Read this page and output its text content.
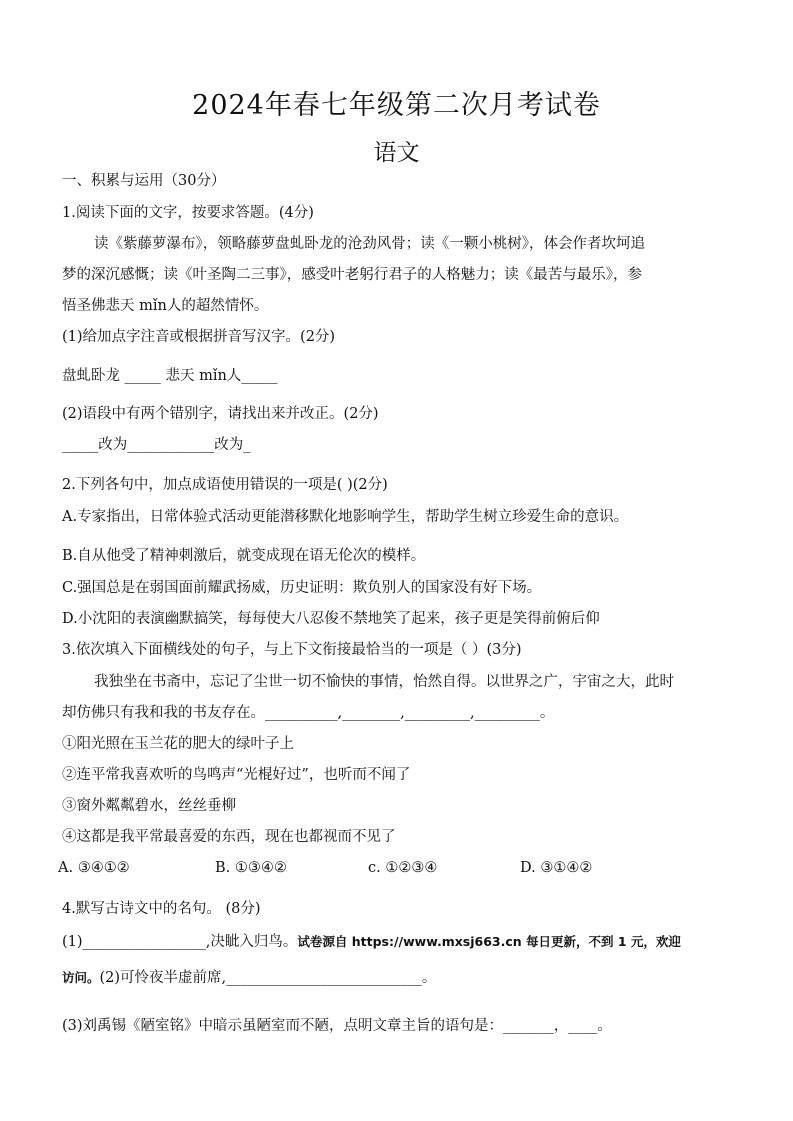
2024年春七年级第二次月考试卷
语文
一、积累与运用（30分）
1.阅读下面的文字，按要求答题。(4分)
读《紫藤萝瀑布》，领略藤萝盘虬卧龙的沧劲风骨；读《一颗小桃树》，体会作者坎坷追
梦的深沉感慨；读《叶圣陶二三事》，感受叶老躬行君子的人格魅力；读《最苦与最乐》，参
悟圣佛悲天 mǐn人的超然情怀。
(1)给加点字注音或根据拼音写汉字。(2分)
盘虬卧龙 _____ 悲天 mǐn人_____
(2)语段中有两个错别字，请找出来并改正。(2分)
_____改为____________改为_
2.下列各句中，加点成语使用错误的一项是( )(2分)
A.专家指出，日常体验式活动更能潜移默化地影响学生，帮助学生树立珍爱生命的意识。
B.自从他受了精神刺激后，就变成现在语无伦次的模样。
C.强国总是在弱国面前耀武扬威，历史证明：欺负别人的国家没有好下场。
D.小沈阳的表演幽默搞笑，每每使大八忍俊不禁地笑了起来，孩子更是笑得前俯后仰
3.依次填入下面横线处的句子，与上下文衔接最恰当的一项是（ ）(3分)
我独坐在书斋中，忘记了尘世一切不愉快的事情，怡然自得。以世界之广，宇宙之大，此时
却仿佛只有我和我的书友存在。__________,________,_________,_________。
①阳光照在玉兰花的肥大的绿叶子上
②连平常我喜欢听的鸟鸣声“光棍好过”，也听而不闻了
③窗外粼粼碧水，丝丝垂柳
④这都是我平常最喜爱的东西，现在也都视而不见了
A. ③④①②	B. ①③④②	c. ①②③④	D. ③①④②
4.默写古诗文中的名句。 (8分)
(1)_________________,决眦入归鸟。试卷源自 https://www.mxsj663.cn 每日更新，不到 1 元，欢迎
访问。(2)可怜夜半虚前席,___________________________。
(3)刘禹锡《陋室铭》中暗示虽陋室而不陋，点明文章主旨的语句是：_______，____。
